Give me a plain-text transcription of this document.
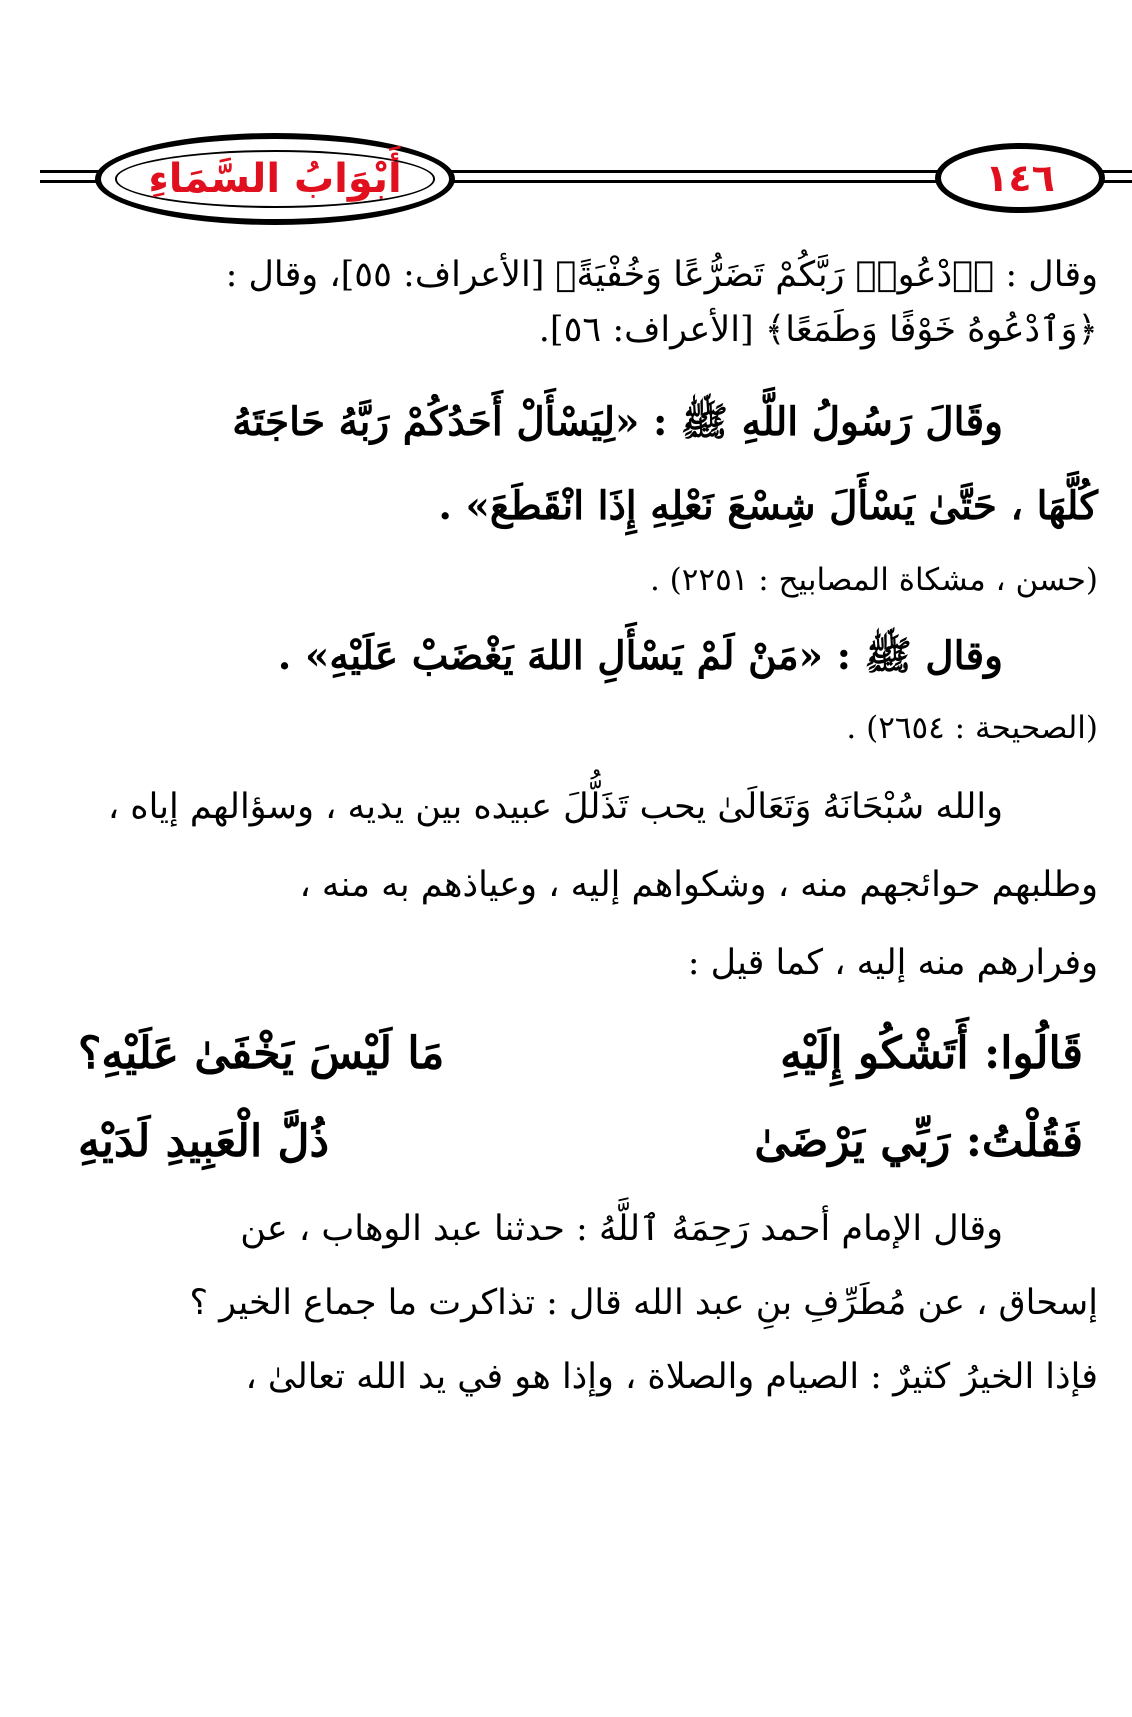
أَبْوَابُ السَّمَاءِ	١٤٦

وقال : ﴿ٱدْعُوا۟ رَبَّكُمْ تَضَرُّعًا وَخُفْيَةً﴾ [الأعراف: ٥٥]، وقال :

﴿وَٱدْعُوهُ خَوْفًا وَطَمَعًا﴾ [الأعراف: ٥٦].

وقَالَ رَسُولُ اللَّهِ ﷺ : «لِيَسْأَلْ أَحَدُكُمْ رَبَّهُ حَاجَتَهُ

كُلَّهَا ، حَتَّىٰ يَسْأَلَ شِسْعَ نَعْلِهِ إِذَا انْقَطَعَ» .

(حسن ، مشكاة المصابيح : ٢٢٥١) .

وقال ﷺ : «مَنْ لَمْ يَسْأَلِ اللهَ يَغْضَبْ عَلَيْهِ» .

(الصحيحة : ٢٦٥٤) .

والله سُبْحَانَهُ وَتَعَالَىٰ يحب تَذَلُّلَ عبيده بين يديه ، وسؤالهم إياه ،

وطلبهم حوائجهم منه ، وشكواهم إليه ، وعياذهم به منه ،

وفرارهم منه إليه ، كما قيل :

قَالُوا: أَتَشْكُو إِلَيْهِ
مَا لَيْسَ يَخْفَىٰ عَلَيْهِ؟
فَقُلْتُ: رَبِّي يَرْضَىٰ
ذُلَّ الْعَبِيدِ لَدَيْهِ

وقال الإمام أحمد رَحِمَهُ ٱللَّهُ : حدثنا عبد الوهاب ، عن

إسحاق ، عن مُطَرِّفِ بنِ عبد الله قال : تذاكرت ما جماع الخير ؟

فإذا الخيرُ كثيرٌ : الصيام والصلاة ، وإذا هو في يد الله تعالىٰ ،
